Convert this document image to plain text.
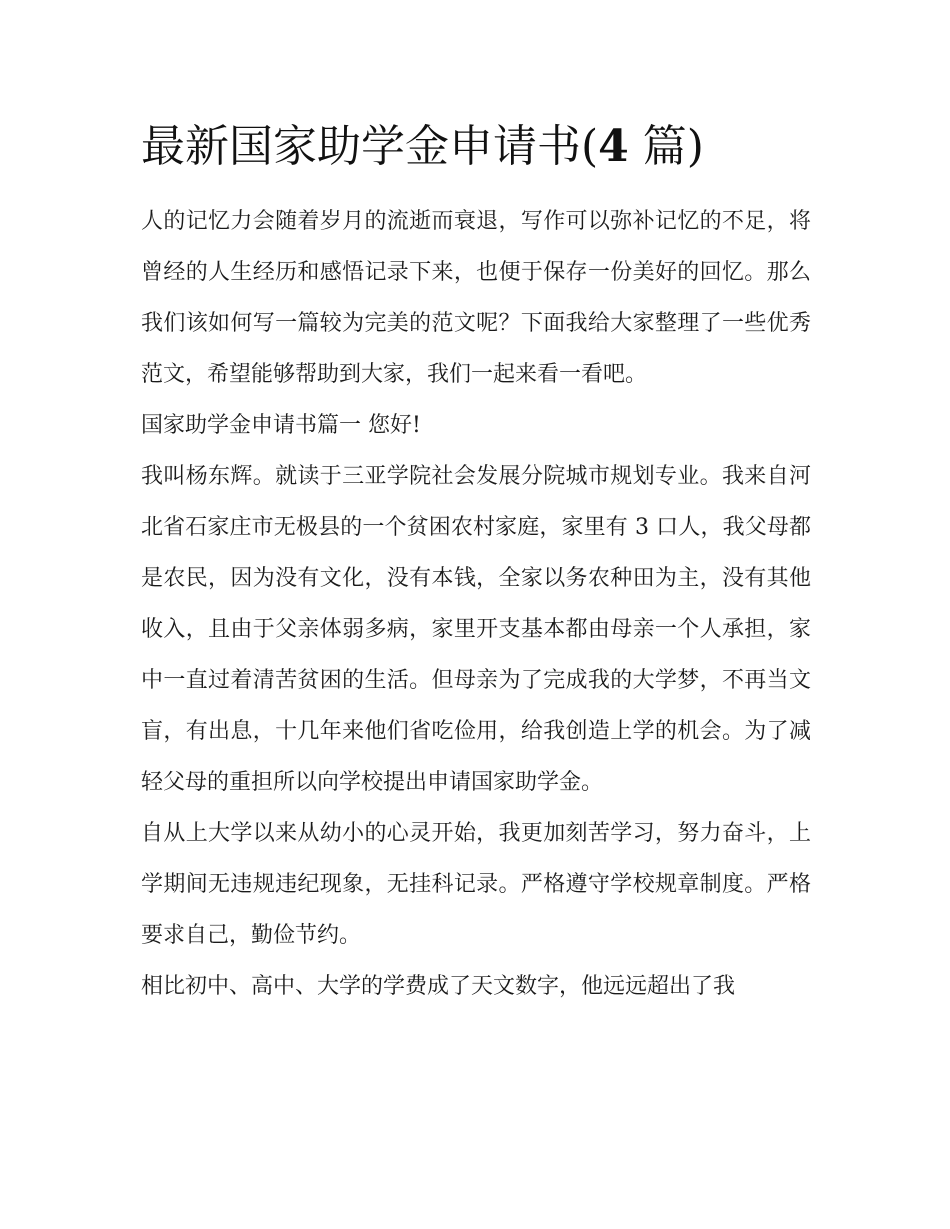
最新国家助学金申请书(4 篇)

人的记忆力会随着岁月的流逝而衰退，写作可以弥补记忆的不足，将曾经的人生经历和感悟记录下来，也便于保存一份美好的回忆。那么我们该如何写一篇较为完美的范文呢？下面我给大家整理了一些优秀范文，希望能够帮助到大家，我们一起来看一看吧。

国家助学金申请书篇一 您好!

我叫杨东辉。就读于三亚学院社会发展分院城市规划专业。我来自河北省石家庄市无极县的一个贫困农村家庭，家里有 3 口人，我父母都是农民，因为没有文化，没有本钱，全家以务农种田为主，没有其他收入，且由于父亲体弱多病，家里开支基本都由母亲一个人承担，家中一直过着清苦贫困的生活。但母亲为了完成我的大学梦，不再当文盲，有出息，十几年来他们省吃俭用，给我创造上学的机会。为了减轻父母的重担所以向学校提出申请国家助学金。

自从上大学以来从幼小的心灵开始，我更加刻苦学习，努力奋斗，上学期间无违规违纪现象，无挂科记录。严格遵守学校规章制度。严格要求自己，勤俭节约。

相比初中、高中、大学的学费成了天文数字，他远远超出了我
